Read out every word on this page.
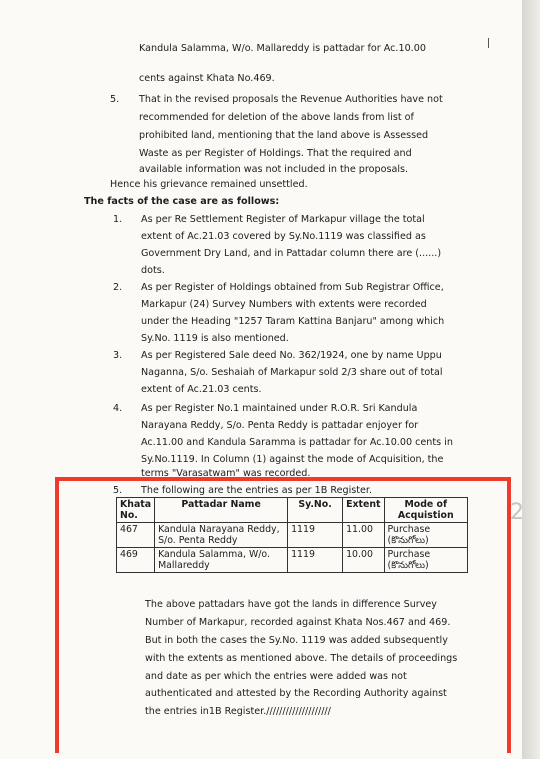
Kandula Salamma, W/o. Mallareddy is pattadar for Ac.10.00
cents against Khata No.469.
5. That in the revised proposals the Revenue Authorities have not
recommended for deletion of the above lands from list of
prohibited land, mentioning that the land above is Assessed
Waste as per Register of Holdings. That the required and
available information was not included in the proposals.
Hence his grievance remained unsettled.
The facts of the case are as follows:
1. As per Re Settlement Register of Markapur village the total
extent of Ac.21.03 covered by Sy.No.1119 was classified as
Government Dry Land, and in Pattadar column there are (......)
dots.
2. As per Register of Holdings obtained from Sub Registrar Office,
Markapur (24) Survey Numbers with extents were recorded
under the Heading "1257 Taram Kattina Banjaru" among which
Sy.No. 1119 is also mentioned.
3. As per Registered Sale deed No. 362/1924, one by name Uppu
Naganna, S/o. Seshaiah of Markapur sold 2/3 share out of total
extent of Ac.21.03 cents.
4. As per Register No.1 maintained under R.O.R. Sri Kandula
Narayana Reddy, S/o. Penta Reddy is pattadar enjoyer for
Ac.11.00 and Kandula Saramma is pattadar for Ac.10.00 cents in
Sy.No.1119. In Column (1) against the mode of Acquisition, the
terms "Varasatwam" was recorded.
5. The following are the entries as per 1B Register.
Khata No.	Pattadar Name	Sy.No.	Extent	Mode of Acquistion
467	Kandula Narayana Reddy, S/o. Penta Reddy	1119	11.00	Purchase (కొనుగోలు)
469	Kandula Salamma, W/o. Mallareddy	1119	10.00	Purchase (కొనుగోలు)
The above pattadars have got the lands in difference Survey
Number of Markapur, recorded against Khata Nos.467 and 469.
But in both the cases the Sy.No. 1119 was added subsequently
with the extents as mentioned above. The details of proceedings
and date as per which the entries were added was not
authenticated and attested by the Recording Authority against
the entries in1B Register.////////////////////
2
